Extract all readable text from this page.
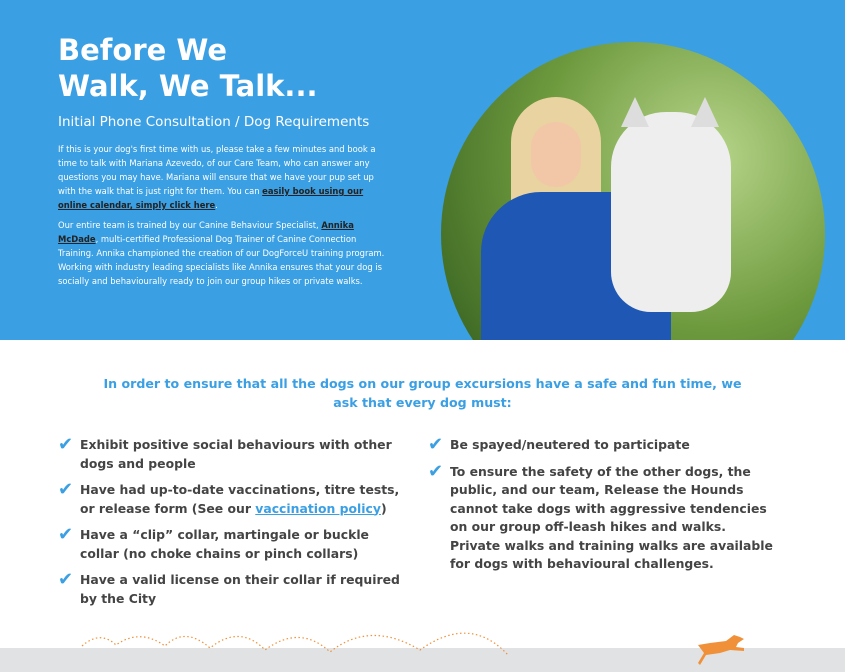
Before We
Walk, We Talk...
Initial Phone Consultation / Dog Requirements

If this is your dog's first time with us, please take a few minutes and book a time to talk with Mariana Azevedo, of our Care Team, who can answer any questions you may have. Mariana will ensure that we have your pup set up with the walk that is just right for them. You can easily book using our online calendar, simply click here.

Our entire team is trained by our Canine Behaviour Specialist, Annika McDade, multi-certified Professional Dog Trainer of Canine Connection Training. Annika championed the creation of our DogForceU training program. Working with industry leading specialists like Annika ensures that your dog is socially and behaviourally ready to join our group hikes or private walks.

In order to ensure that all the dogs on our group excursions have a safe and fun time, we ask that every dog must:

✔ Exhibit positive social behaviours with other dogs and people
✔ Have had up-to-date vaccinations, titre tests, or release form (See our vaccination policy)
✔ Have a “clip” collar, martingale or buckle collar (no choke chains or pinch collars)
✔ Have a valid license on their collar if required by the City
✔ Be spayed/neutered to participate
✔ To ensure the safety of the other dogs, the public, and our team, Release the Hounds cannot take dogs with aggressive tendencies on our group off-leash hikes and walks. Private walks and training walks are available for dogs with behavioural challenges.
